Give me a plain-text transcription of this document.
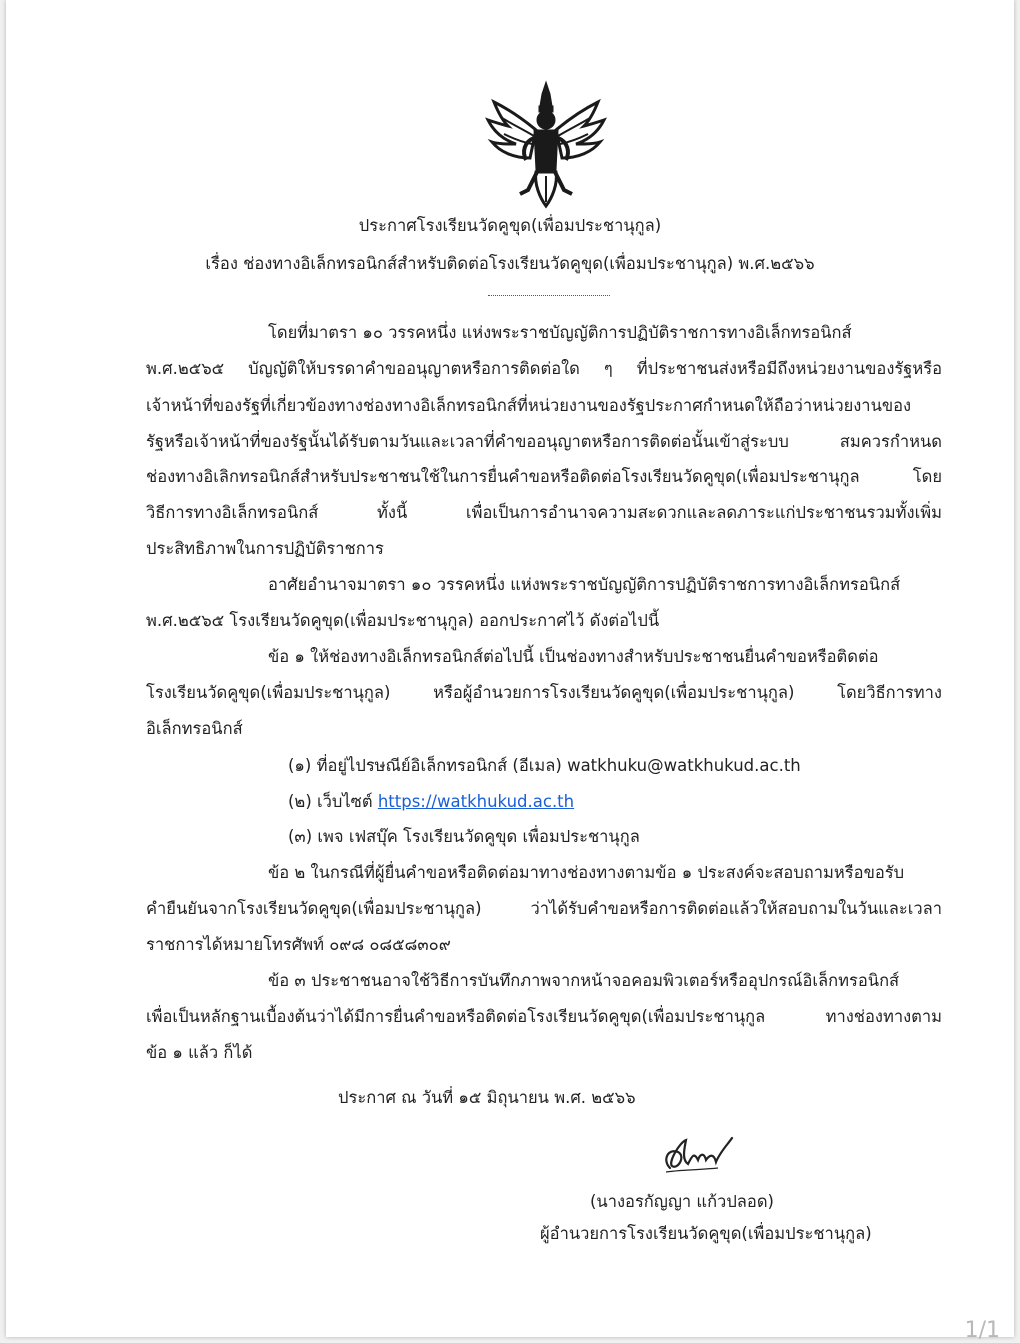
ประกาศโรงเรียนวัดคูขุด(เพื่อมประชานุกูล)
เรื่อง ช่องทางอิเล็กทรอนิกส์สำหรับติดต่อโรงเรียนวัดคูขุด(เพื่อมประชานุกูล) พ.ศ.๒๕๖๖
โดยที่มาตรา ๑๐ วรรคหนึ่ง แห่งพระราชบัญญัติการปฏิบัติราชการทางอิเล็กทรอนิกส์
พ.ศ.๒๕๖๕ บัญญัติให้บรรดาคำขออนุญาตหรือการติดต่อใด ๆ ที่ประชาชนส่งหรือมีถึงหน่วยงานของรัฐหรือ
เจ้าหน้าที่ของรัฐที่เกี่ยวข้องทางช่องทางอิเล็กทรอนิกส์ที่หน่วยงานของรัฐประกาศกำหนดให้ถือว่าหน่วยงานของ
รัฐหรือเจ้าหน้าที่ของรัฐนั้นได้รับตามวันและเวลาที่คำขออนุญาตหรือการติดต่อนั้นเข้าสู่ระบบ สมควรกำหนด
ช่องทางอิเลิกทรอนิกส์สำหรับประชาชนใช้ในการยื่นคำขอหรือติดต่อโรงเรียนวัดคูขุด(เพื่อมประชานุกูล โดย
วิธีการทางอิเล็กทรอนิกส์ ทั้งนี้ เพื่อเป็นการอำนาจความสะดวกและลดภาระแก่ประชาชนรวมทั้งเพิ่ม
ประสิทธิภาพในการปฏิบัติราชการ
อาศัยอำนาจมาตรา ๑๐ วรรคหนึ่ง แห่งพระราชบัญญัติการปฏิบัติราชการทางอิเล็กทรอนิกส์
พ.ศ.๒๕๖๕ โรงเรียนวัดคูขุด(เพื่อมประชานุกูล) ออกประกาศไว้ ดังต่อไปนี้
ข้อ ๑ ให้ช่องทางอิเล็กทรอนิกส์ต่อไปนี้ เป็นช่องทางสำหรับประชาชนยื่นคำขอหรือติดต่อ
โรงเรียนวัดคูขุด(เพื่อมประชานุกูล) หรือผู้อำนวยการโรงเรียนวัดคูขุด(เพื่อมประชานุกูล) โดยวิธีการทาง
อิเล็กทรอนิกส์
(๑) ที่อยู่ไปรษณีย์อิเล็กทรอนิกส์ (อีเมล) watkhuku@watkhukud.ac.th
(๒) เว็บไซต์ https://watkhukud.ac.th
(๓) เพจ เฟสบุ๊ค โรงเรียนวัดคูขุด เพื่อมประชานุกูล
ข้อ ๒ ในกรณีที่ผู้ยื่นคำขอหรือติดต่อมาทางช่องทางตามข้อ ๑ ประสงค์จะสอบถามหรือขอรับ
คำยืนยันจากโรงเรียนวัดคูขุด(เพื่อมประชานุกูล) ว่าได้รับคำขอหรือการติดต่อแล้วให้สอบถามในวันและเวลา
ราชการได้หมายโทรศัพท์ ๐๙๘ ๐๘๕๘๓๐๙
ข้อ ๓ ประชาชนอาจใช้วิธีการบันทึกภาพจากหน้าจอคอมพิวเตอร์หรืออุปกรณ์อิเล็กทรอนิกส์
เพื่อเป็นหลักฐานเบื้องต้นว่าได้มีการยื่นคำขอหรือติดต่อโรงเรียนวัดคูขุด(เพื่อมประชานุกูล ทางช่องทางตาม
ข้อ ๑ แล้ว ก็ได้
ประกาศ ณ วันที่ ๑๕ มิถุนายน พ.ศ. ๒๕๖๖
(นางอรกัญญา แก้วปลอด)
ผู้อำนวยการโรงเรียนวัดคูขุด(เพื่อมประชานุกูล)
1/1
